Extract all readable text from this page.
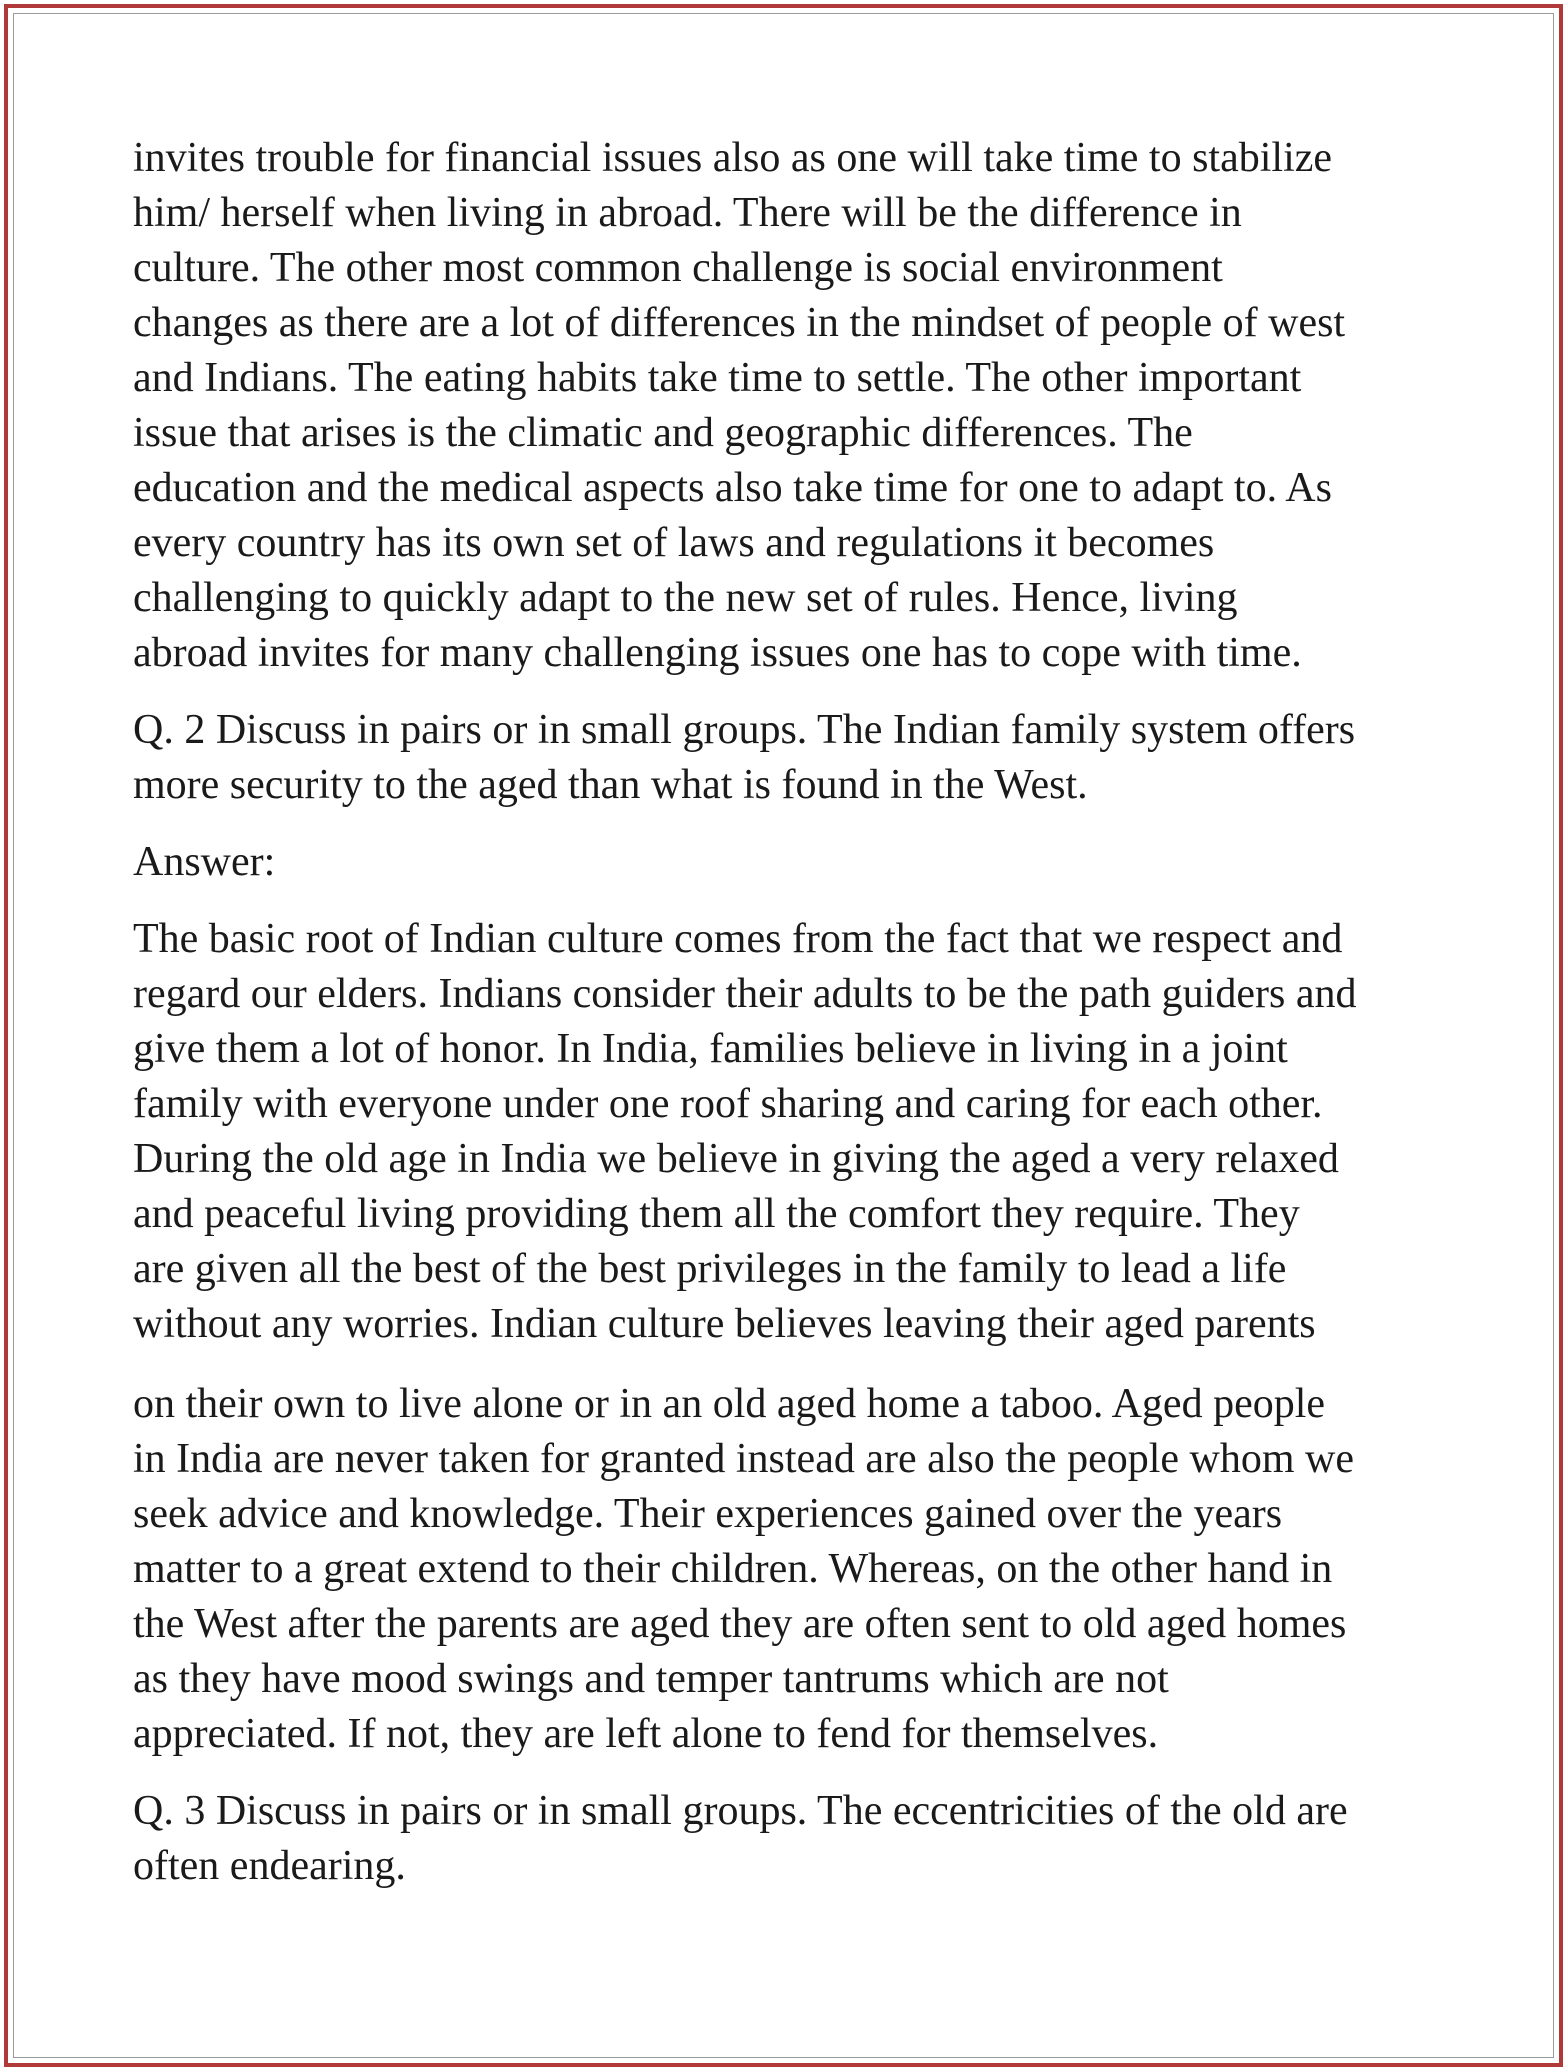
invites trouble for financial issues also as one will take time to stabilize
him/ herself when living in abroad. There will be the difference in
culture. The other most common challenge is social environment
changes as there are a lot of differences in the mindset of people of west
and Indians. The eating habits take time to settle. The other important
issue that arises is the climatic and geographic differences. The
education and the medical aspects also take time for one to adapt to. As
every country has its own set of laws and regulations it becomes
challenging to quickly adapt to the new set of rules. Hence, living
abroad invites for many challenging issues one has to cope with time.
Q. 2 Discuss in pairs or in small groups. The Indian family system offers
more security to the aged than what is found in the West.
Answer:
The basic root of Indian culture comes from the fact that we respect and
regard our elders. Indians consider their adults to be the path guiders and
give them a lot of honor. In India, families believe in living in a joint
family with everyone under one roof sharing and caring for each other.
During the old age in India we believe in giving the aged a very relaxed
and peaceful living providing them all the comfort they require. They
are given all the best of the best privileges in the family to lead a life
without any worries. Indian culture believes leaving their aged parents
on their own to live alone or in an old aged home a taboo. Aged people
in India are never taken for granted instead are also the people whom we
seek advice and knowledge. Their experiences gained over the years
matter to a great extend to their children. Whereas, on the other hand in
the West after the parents are aged they are often sent to old aged homes
as they have mood swings and temper tantrums which are not
appreciated. If not, they are left alone to fend for themselves.
Q. 3 Discuss in pairs or in small groups. The eccentricities of the old are
often endearing.
